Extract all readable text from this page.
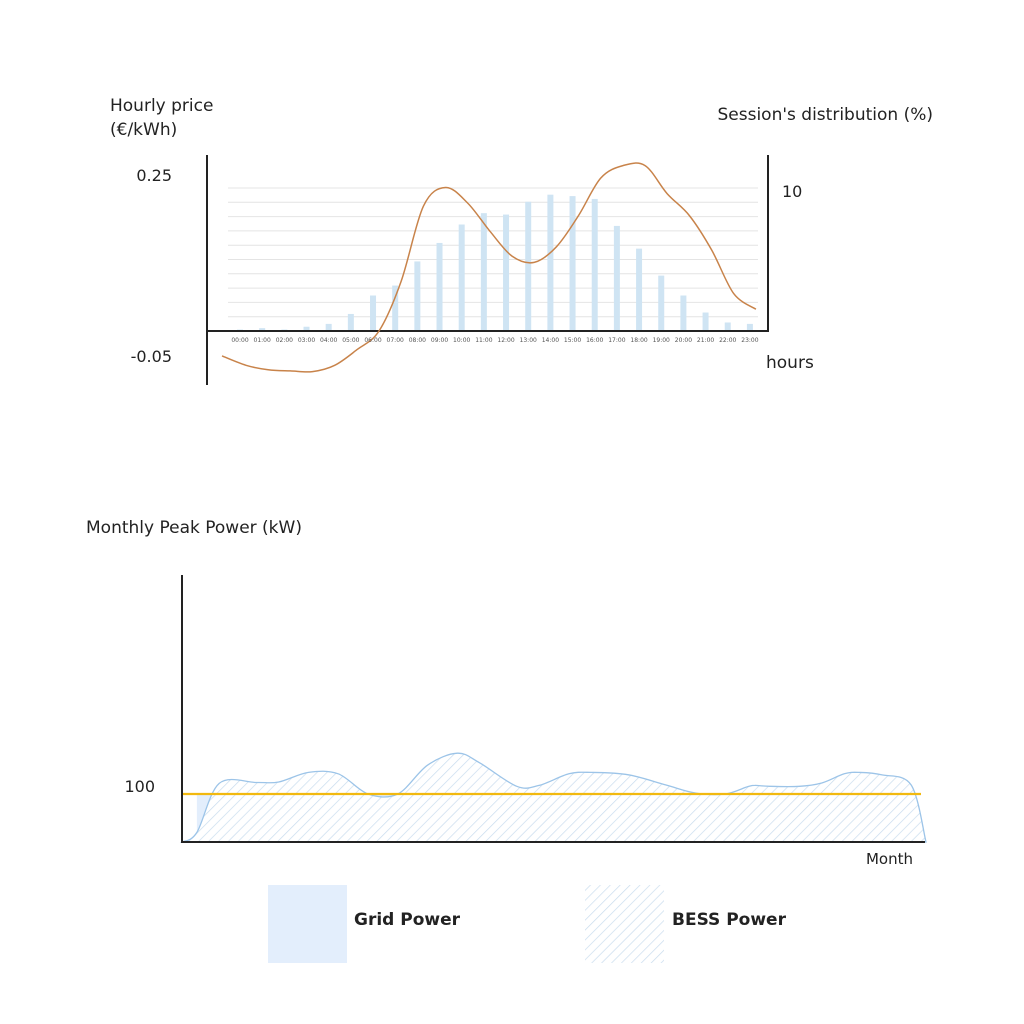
00:00 01:00 02:00 03:00 04:00 05:00 06:00 07:00 08:00 09:00 10:00 11:00 12:00 13:00 14:00 15:00 16:00 17:00 18:00 19:00 20:00 21:00 22:00 23:00
Hourly price
(€/kWh)
Session's distribution (%)
0.25
-0.05
10
hours
Monthly Peak Power (kW)
100
Month
Grid Power	BESS Power
